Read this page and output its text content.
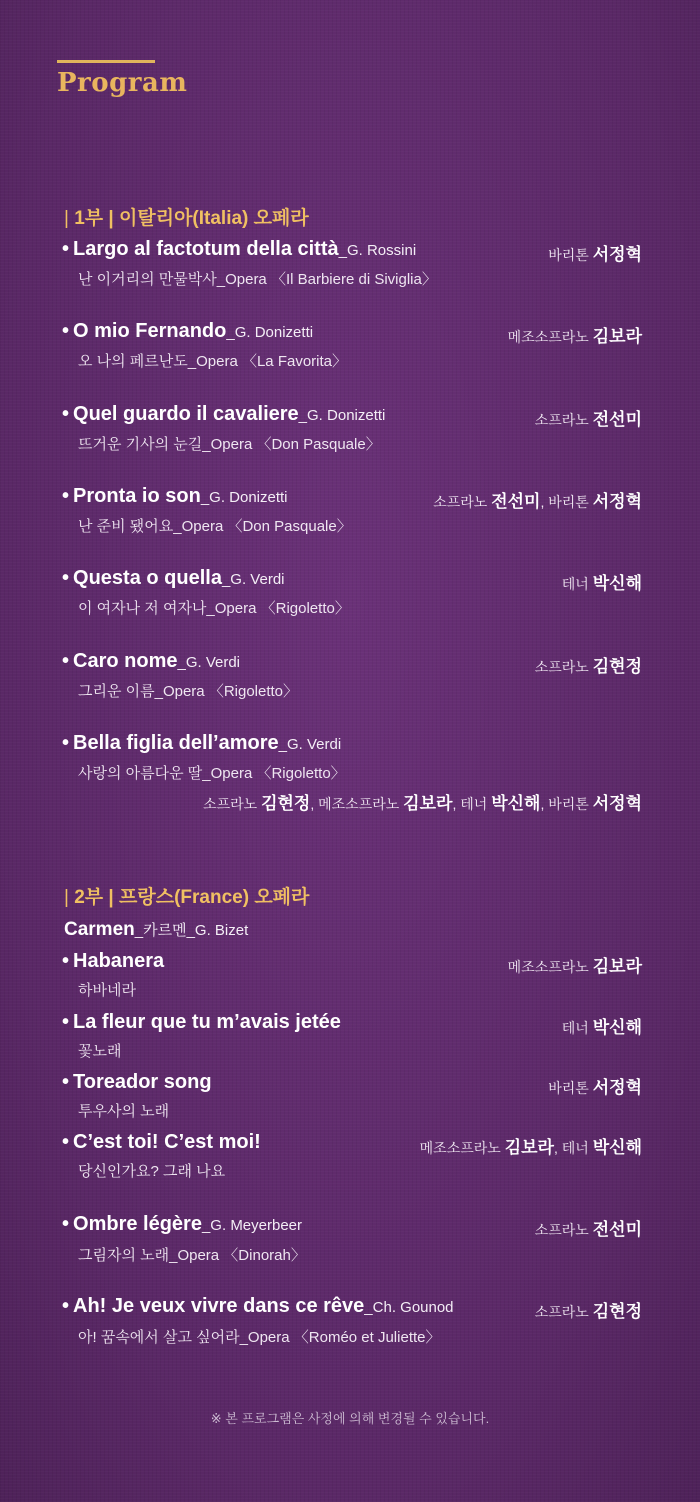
Program
| 1부 | 이탈리아(Italia) 오페라
• Largo al factotum della città_G. Rossini	바리톤 서정혁
난 이거리의 만물박사_Opera 〈Il Barbiere di Siviglia〉
• O mio Fernando_G. Donizetti	메조소프라노 김보라
오 나의 페르난도_Opera 〈La Favorita〉
• Quel guardo il cavaliere_G. Donizetti	소프라노 전선미
뜨거운 기사의 눈길_Opera 〈Don Pasquale〉
• Pronta io son_G. Donizetti	소프라노 전선미, 바리톤 서정혁
난 준비 됐어요_Opera 〈Don Pasquale〉
• Questa o quella_G. Verdi	테너 박신해
이 여자나 저 여자나_Opera 〈Rigoletto〉
• Caro nome_G. Verdi	소프라노 김현정
그리운 이름_Opera 〈Rigoletto〉
• Bella figlia dell’amore_G. Verdi
사랑의 아름다운 딸_Opera 〈Rigoletto〉
소프라노 김현정, 메조소프라노 김보라, 테너 박신해, 바리톤 서정혁
| 2부 | 프랑스(France) 오페라
Carmen_카르멘_G. Bizet
• Habanera	메조소프라노 김보라
하바네라
• La fleur que tu m’avais jetée	테너 박신해
꽃노래
• Toreador song	바리톤 서정혁
투우사의 노래
• C’est toi! C’est moi!	메조소프라노 김보라, 테너 박신해
당신인가요? 그래 나요
• Ombre légère_G. Meyerbeer	소프라노 전선미
그림자의 노래_Opera 〈Dinorah〉
• Ah! Je veux vivre dans ce rêve_Ch. Gounod	소프라노 김현정
아! 꿈속에서 살고 싶어라_Opera 〈Roméo et Juliette〉
※ 본 프로그램은 사정에 의해 변경될 수 있습니다.
